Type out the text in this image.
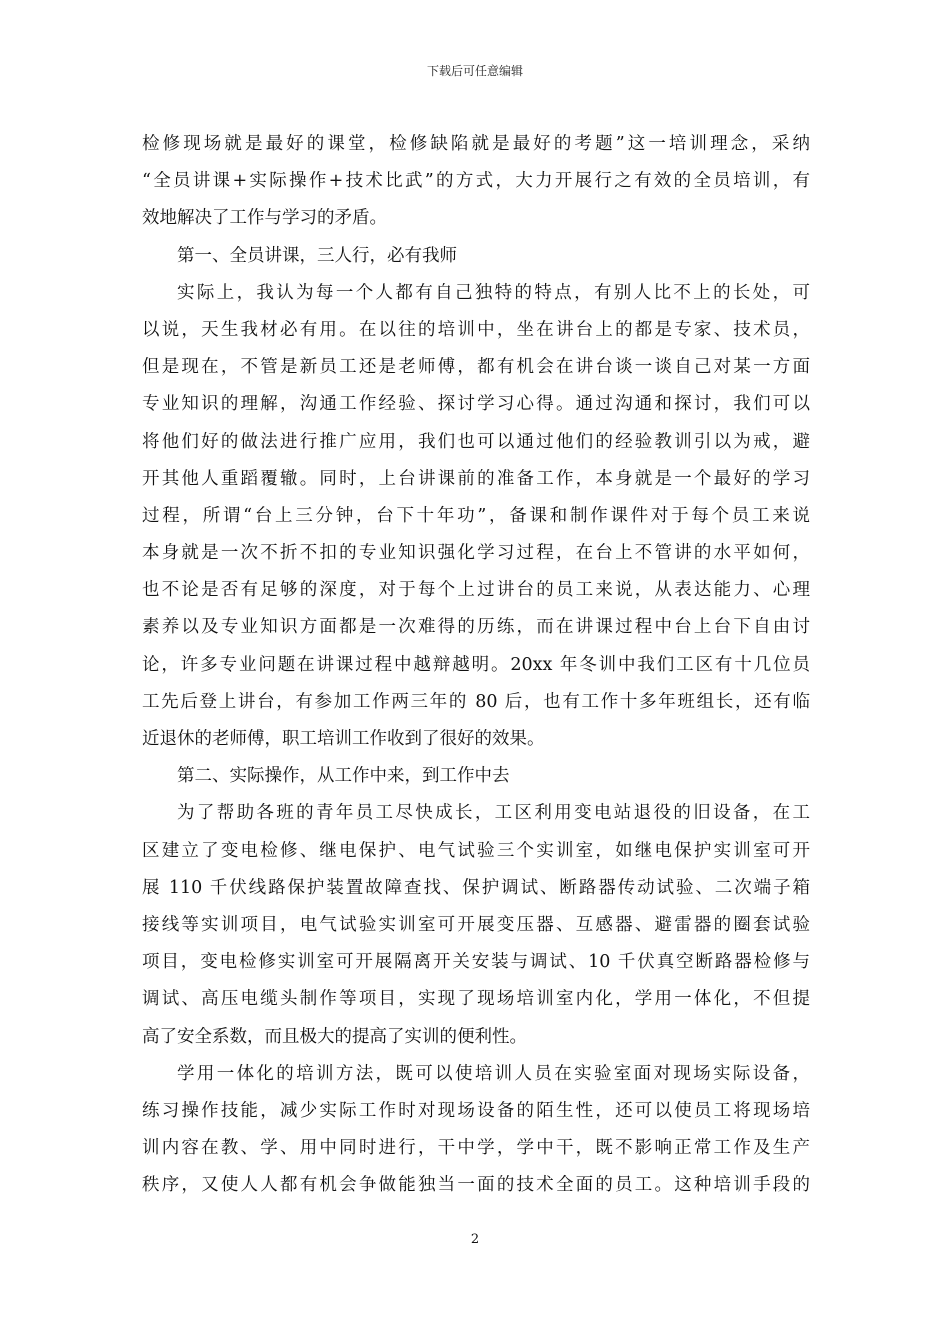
下载后可任意编辑
检修现场就是最好的课堂，检修缺陷就是最好的考题”这一培训理念，采纳
“全员讲课+实际操作+技术比武”的方式，大力开展行之有效的全员培训，有
效地解决了工作与学习的矛盾。
第一、全员讲课，三人行，必有我师
实际上，我认为每一个人都有自己独特的特点，有别人比不上的长处，可
以说，天生我材必有用。在以往的培训中，坐在讲台上的都是专家、技术员，
但是现在，不管是新员工还是老师傅，都有机会在讲台谈一谈自己对某一方面
专业知识的理解，沟通工作经验、探讨学习心得。通过沟通和探讨，我们可以
将他们好的做法进行推广应用，我们也可以通过他们的经验教训引以为戒，避
开其他人重蹈覆辙。同时，上台讲课前的准备工作，本身就是一个最好的学习
过程，所谓“台上三分钟，台下十年功”，备课和制作课件对于每个员工来说
本身就是一次不折不扣的专业知识强化学习过程，在台上不管讲的水平如何，
也不论是否有足够的深度，对于每个上过讲台的员工来说，从表达能力、心理
素养以及专业知识方面都是一次难得的历练，而在讲课过程中台上台下自由讨
论，许多专业问题在讲课过程中越辩越明。20xx 年冬训中我们工区有十几位员
工先后登上讲台，有参加工作两三年的 80 后，也有工作十多年班组长，还有临
近退休的老师傅，职工培训工作收到了很好的效果。
第二、实际操作，从工作中来，到工作中去
为了帮助各班的青年员工尽快成长，工区利用变电站退役的旧设备，在工
区建立了变电检修、继电保护、电气试验三个实训室，如继电保护实训室可开
展 110 千伏线路保护装置故障查找、保护调试、断路器传动试验、二次端子箱
接线等实训项目，电气试验实训室可开展变压器、互感器、避雷器的圈套试验
项目，变电检修实训室可开展隔离开关安装与调试、10 千伏真空断路器检修与
调试、高压电缆头制作等项目，实现了现场培训室内化，学用一体化，不但提
高了安全系数，而且极大的提高了实训的便利性。
学用一体化的培训方法，既可以使培训人员在实验室面对现场实际设备，
练习操作技能，减少实际工作时对现场设备的陌生性，还可以使员工将现场培
训内容在教、学、用中同时进行，干中学，学中干，既不影响正常工作及生产
秩序，又使人人都有机会争做能独当一面的技术全面的员工。这种培训手段的
2
